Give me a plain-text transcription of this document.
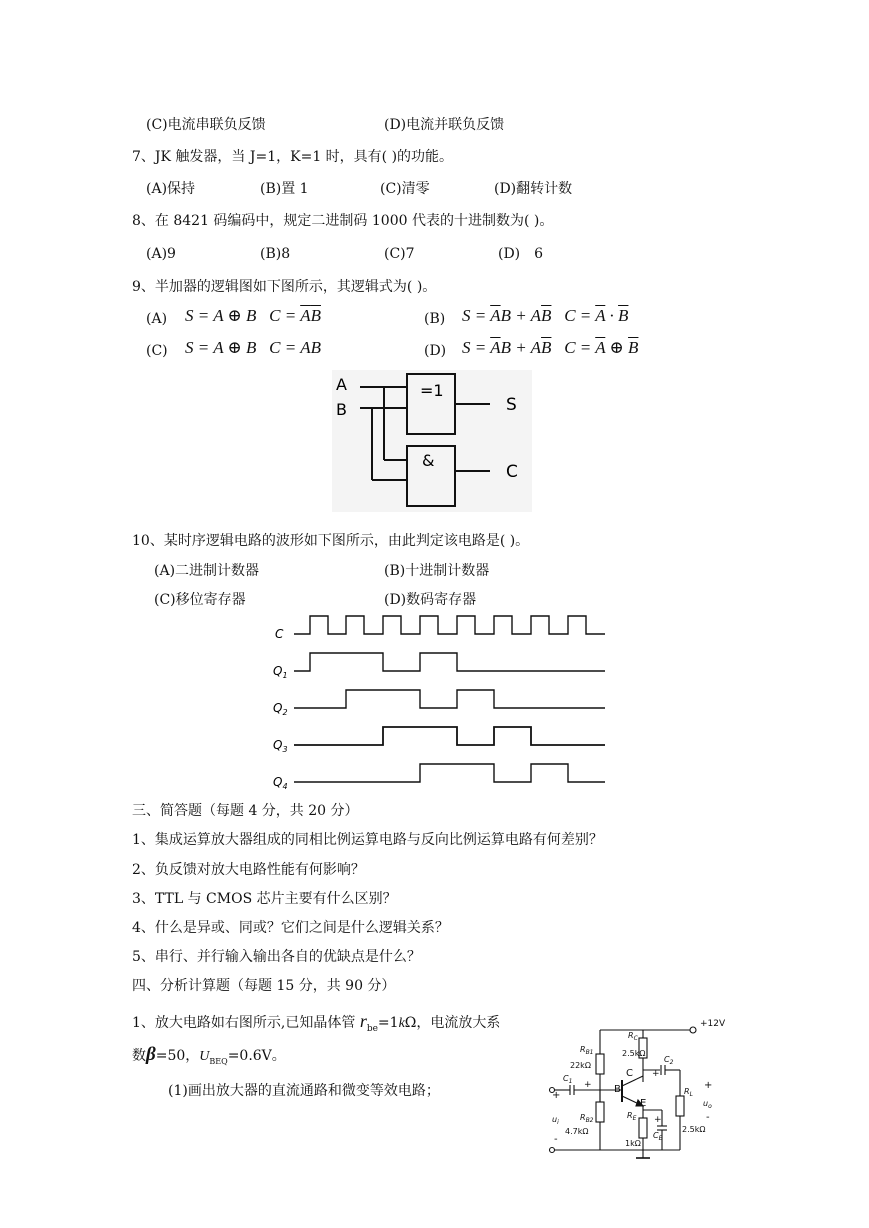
(C)电流串联负反馈	(D)电流并联负反馈
7、JK 触发器，当 J=1，K=1 时，具有( )的功能。
(A)保持	(B)置 1	(C)清零	(D)翻转计数
8、在 8421 码编码中，规定二进制码 1000 代表的十进制数为( )。
(A)9	(B)8	(C)7	(D)　6
9、半加器的逻辑图如下图所示，其逻辑式为( )。
(A) S = A ⊕ B C = AB	(B) $S = \overline{A}B + A\overline{B}$ $C = \overline{A} \cdot \overline{B}$
(C) S = A ⊕ B C = AB	(D) $S = \overline{A}B + A\overline{B}$ $C = \overline{A}$ ⊕ $\overline{B}$
A
B
=1
&
S
C
10、某时序逻辑电路的波形如下图所示，由此判定该电路是( )。
(A)二进制计数器	(B)十进制计数器
(C)移位寄存器	(D)数码寄存器
C
$Q_1$
$Q_2$
$Q_3$
$Q_4$
三、简答题（每题 4 分，共 20 分）
1、集成运算放大器组成的同相比例运算电路与反向比例运算电路有何差别？
2、负反馈对放大电路性能有何影响？
3、TTL 与 CMOS 芯片主要有什么区别？
4、什么是异或、同或？它们之间是什么逻辑关系？
5、串行、并行输入输出各自的优缺点是什么？
四、分析计算题（每题 15 分，共 90 分）
1、放大电路如右图所示,已知晶体管 $r_{be}=1k\Omega$，电流放大系
数β=50，$U_{BEQ}=0.6V$。
(1)画出放大器的直流通路和微变等效电路；
+12V
$R_{B1}$
22kΩ
$R_C$
2.5kΩ
$C_2$
+
$C_1$ +
+
B
C
E
$R_{B2}$
4.7kΩ
$R_E$
1kΩ
$C_E$
+
$R_L$
2.5kΩ
$u_i$
-
+
$u_o$
-
